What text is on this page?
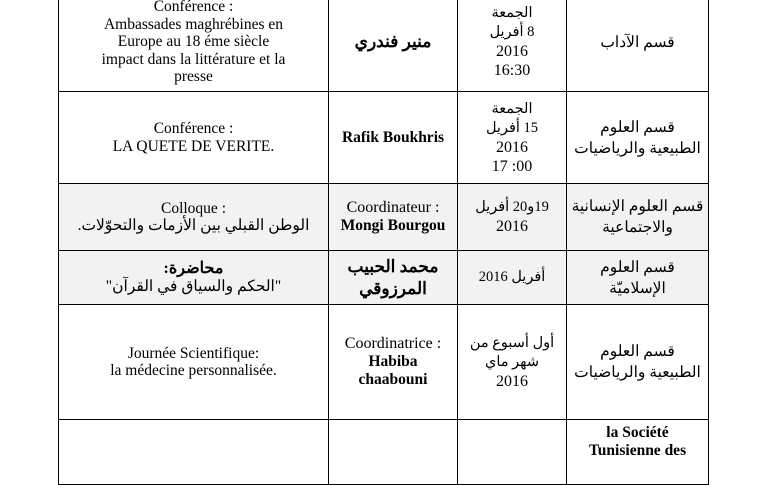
Conférence :
Ambassades maghrébines en
Europe au 18 éme siècle
impact dans la littérature et la
presse	منير فندري	الجمعة
8 أفريل
2016
16:30	قسم الآداب

Conférence :
LA QUETE DE VERITE.	Rafik Boukhris	الجمعة
15 أفريل
2016
17 :00	قسم العلوم
الطبيعية والرياضيات

Colloque :
الوطن القبلي بين الأزمات والتحوّلات.	Coordinateur :
Mongi Bourgou	19و20 أفريل
2016	قسم العلوم الإنسانية
والاجتماعية

محاضرة:
"الحكم والسياق في القرآن"	محمد الحبيب
المرزوقي	أفريل 2016	قسم العلوم الإسلاميّة

Journée Scientifique:
la médecine personnalisée.	Coordinatrice :
Habiba
chaabouni	أول أسبوع من
شهر ماي
2016	قسم العلوم
الطبيعية والرياضيات

			la Société
Tunisienne des
